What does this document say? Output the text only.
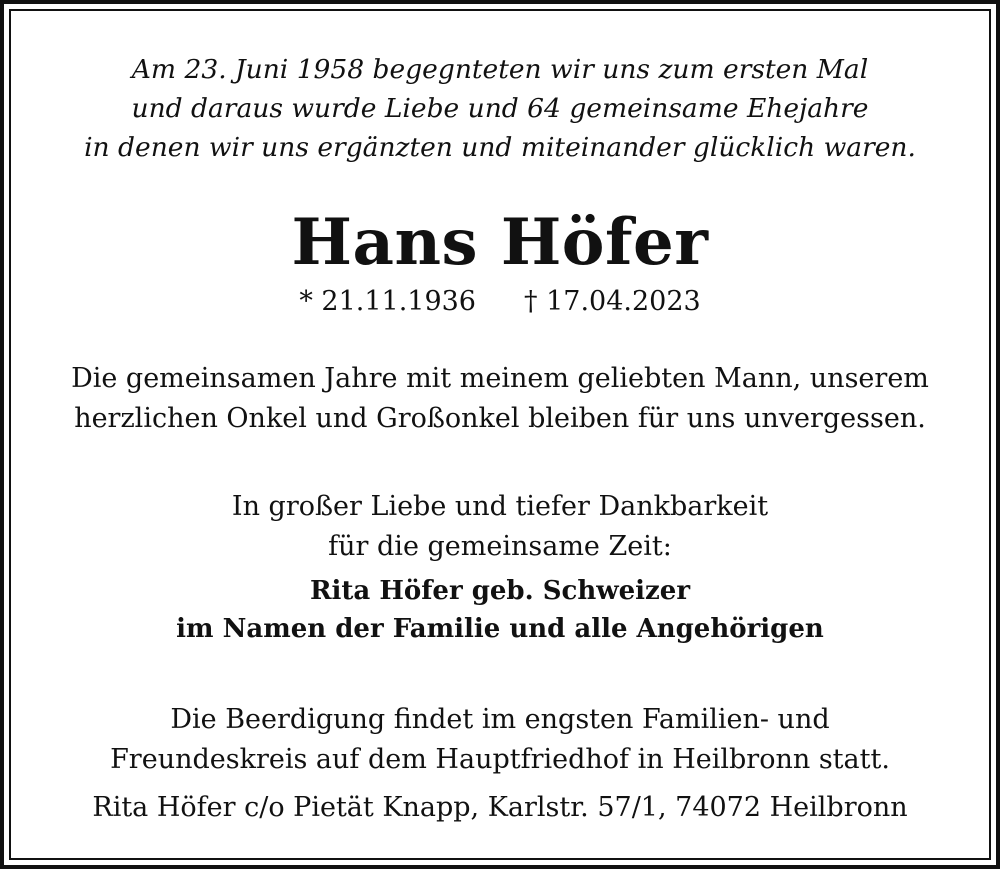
Am 23. Juni 1958 begegnteten wir uns zum ersten Mal
und daraus wurde Liebe und 64 gemeinsame Ehejahre
in denen wir uns ergänzten und miteinander glücklich waren.
Hans Höfer
* 21.11.1936 † 17.04.2023
Die gemeinsamen Jahre mit meinem geliebten Mann, unserem
herzlichen Onkel und Großonkel bleiben für uns unvergessen.
In großer Liebe und tiefer Dankbarkeit
für die gemeinsame Zeit:
Rita Höfer geb. Schweizer
im Namen der Familie und alle Angehörigen
Die Beerdigung findet im engsten Familien- und
Freundeskreis auf dem Hauptfriedhof in Heilbronn statt.
Rita Höfer c/o Pietät Knapp, Karlstr. 57/1, 74072 Heilbronn
